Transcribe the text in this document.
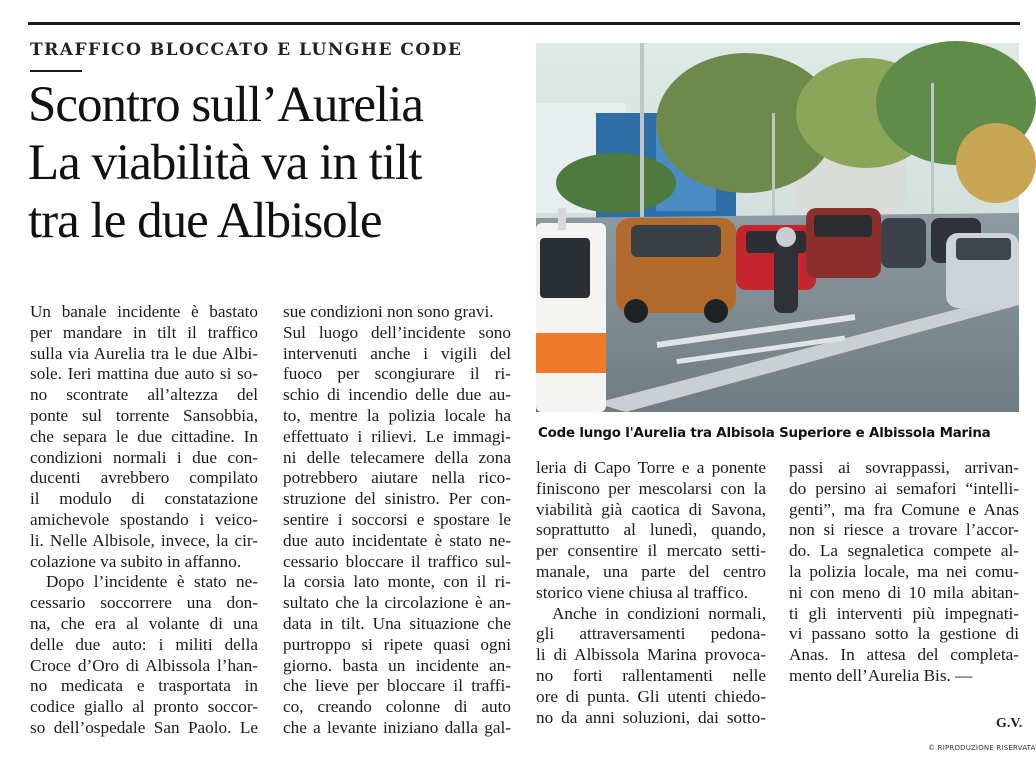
TRAFFICO BLOCCATO E LUNGHE CODE
Scontro sull’Aurelia
La viabilità va in tilt
tra le due Albisole
Code lungo l'Aurelia tra Albisola Superiore e Albissola Marina
Un banale incidente è bastato
per mandare in tilt il traffico
sulla via Aurelia tra le due Albi-
sole. Ieri mattina due auto si so-
no scontrate all’altezza del
ponte sul torrente Sansobbia,
che separa le due cittadine. In
condizioni normali i due con-
ducenti avrebbero compilato
il modulo di constatazione
amichevole spostando i veico-
li. Nelle Albisole, invece, la cir-
colazione va subito in affanno.
Dopo l’incidente è stato ne-
cessario soccorrere una don-
na, che era al volante di una
delle due auto: i militi della
Croce d’Oro di Albissola l’han-
no medicata e trasportata in
codice giallo al pronto soccor-
so dell’ospedale San Paolo. Le
sue condizioni non sono gravi.
Sul luogo dell’incidente sono
intervenuti anche i vigili del
fuoco per scongiurare il ri-
schio di incendio delle due au-
to, mentre la polizia locale ha
effettuato i rilievi. Le immagi-
ni delle telecamere della zona
potrebbero aiutare nella rico-
struzione del sinistro. Per con-
sentire i soccorsi e spostare le
due auto incidentate è stato ne-
cessario bloccare il traffico sul-
la corsia lato monte, con il ri-
sultato che la circolazione è an-
data in tilt. Una situazione che
purtroppo si ripete quasi ogni
giorno. basta un incidente an-
che lieve per bloccare il traffi-
co, creando colonne di auto
che a levante iniziano dalla gal-
leria di Capo Torre e a ponente
finiscono per mescolarsi con la
viabilità già caotica di Savona,
soprattutto al lunedì, quando,
per consentire il mercato setti-
manale, una parte del centro
storico viene chiusa al traffico.
Anche in condizioni normali,
gli attraversamenti pedona-
li di Albissola Marina provoca-
no forti rallentamenti nelle
ore di punta. Gli utenti chiedo-
no da anni soluzioni, dai sotto-
passi ai sovrappassi, arrivan-
do persino ai semafori “intelli-
genti”, ma fra Comune e Anas
non si riesce a trovare l’accor-
do. La segnaletica compete al-
la polizia locale, ma nei comu-
ni con meno di 10 mila abitan-
ti gli interventi più impegnati-
vi passano sotto la gestione di
Anas. In attesa del completa-
mento dell’Aurelia Bis. —
G.V.
© RIPRODUZIONE RISERVATA
